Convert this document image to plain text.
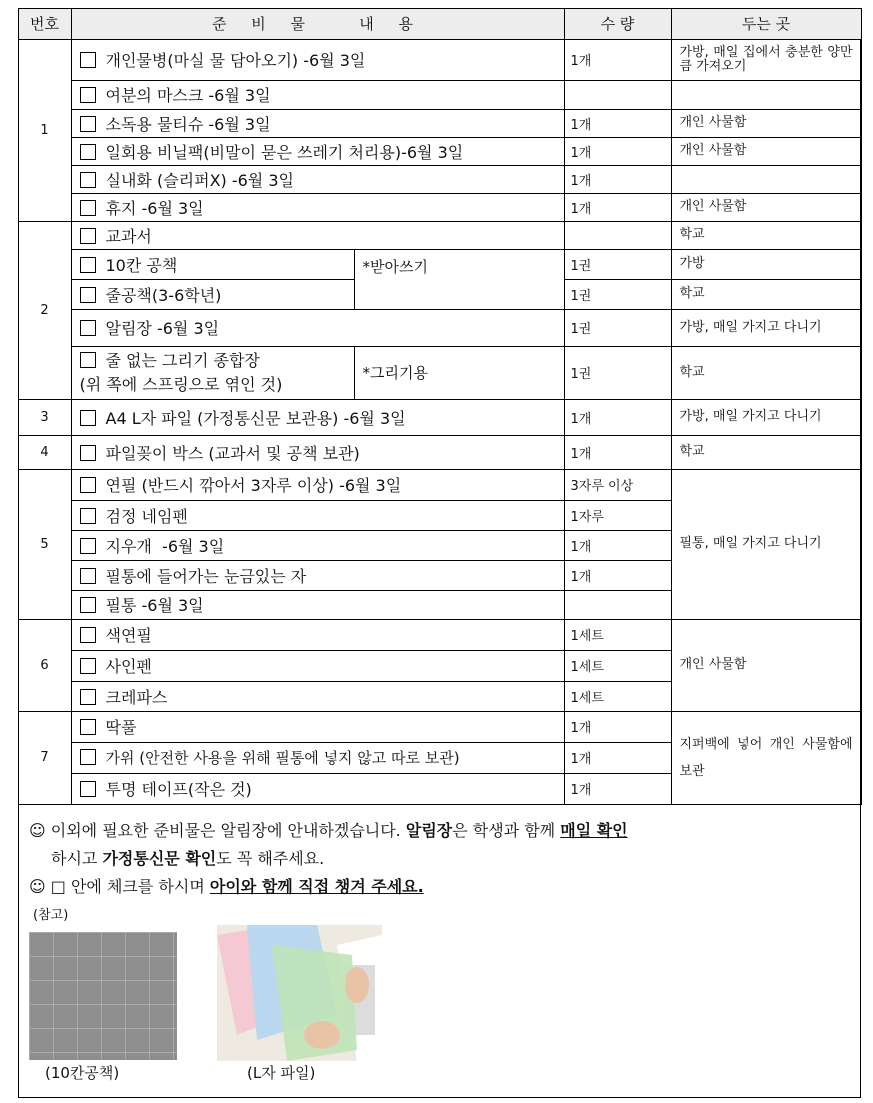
번호	준 비 물   내 용		수 량	두는 곳
1	개인물병(마실 물 담아오기) -6월 3일		1개	가방, 매일 집에서 충분한 양만큼 가져오기
	여분의 마스크 -6월 3일			
	소독용 물티슈 -6월 3일		1개	개인 사물함
	일회용 비닐팩(비말이 묻은 쓰레기 처리용)-6월 3일		1개	개인 사물함
	실내화 (슬리퍼X) -6월 3일		1개	
	휴지 -6월 3일		1개	개인 사물함
2	교과서			학교
	10칸 공책	*받아쓰기	1권	가방
	줄공책(3-6학년)		1권	학교
	알림장 -6월 3일		1권	가방, 매일 가지고 다니기
	줄 없는 그리기 종합장
(위 쪽에 스프링으로 엮인 것)	*그리기용	1권	학교
3	A4 L자 파일 (가정통신문 보관용) -6월 3일		1개	가방, 매일 가지고 다니기
4	파일꽂이 박스 (교과서 및 공책 보관)		1개	학교
5	연필 (반드시 깎아서 3자루 이상) -6월 3일		3자루 이상	필통, 매일 가지고 다니기
	검정 네임펜		1자루	
	지우개  -6월 3일		1개	
	필통에 들어가는 눈금있는 자		1개	
	필통 -6월 3일			
6	색연필		1세트	개인 사물함
	사인펜		1세트	
	크레파스		1세트	
7	딱풀		1개	지퍼백에 넣어 개인 사물함에 보관
	가위 (안전한 사용을 위해 필통에 넣지 않고 따로 보관)		1개	
	투명 테이프(작은 것)		1개	

☺ 이외에 필요한 준비물은 알림장에 안내하겠습니다. 알림장은 학생과 함께 매일 확인

하시고 가정통신문 확인도 꼭 해주세요.

☺ □ 안에 체크를 하시며 아이와 함께 직접 챙겨 주세요.

(참고)
(10칸공책)	(L자 파일)
